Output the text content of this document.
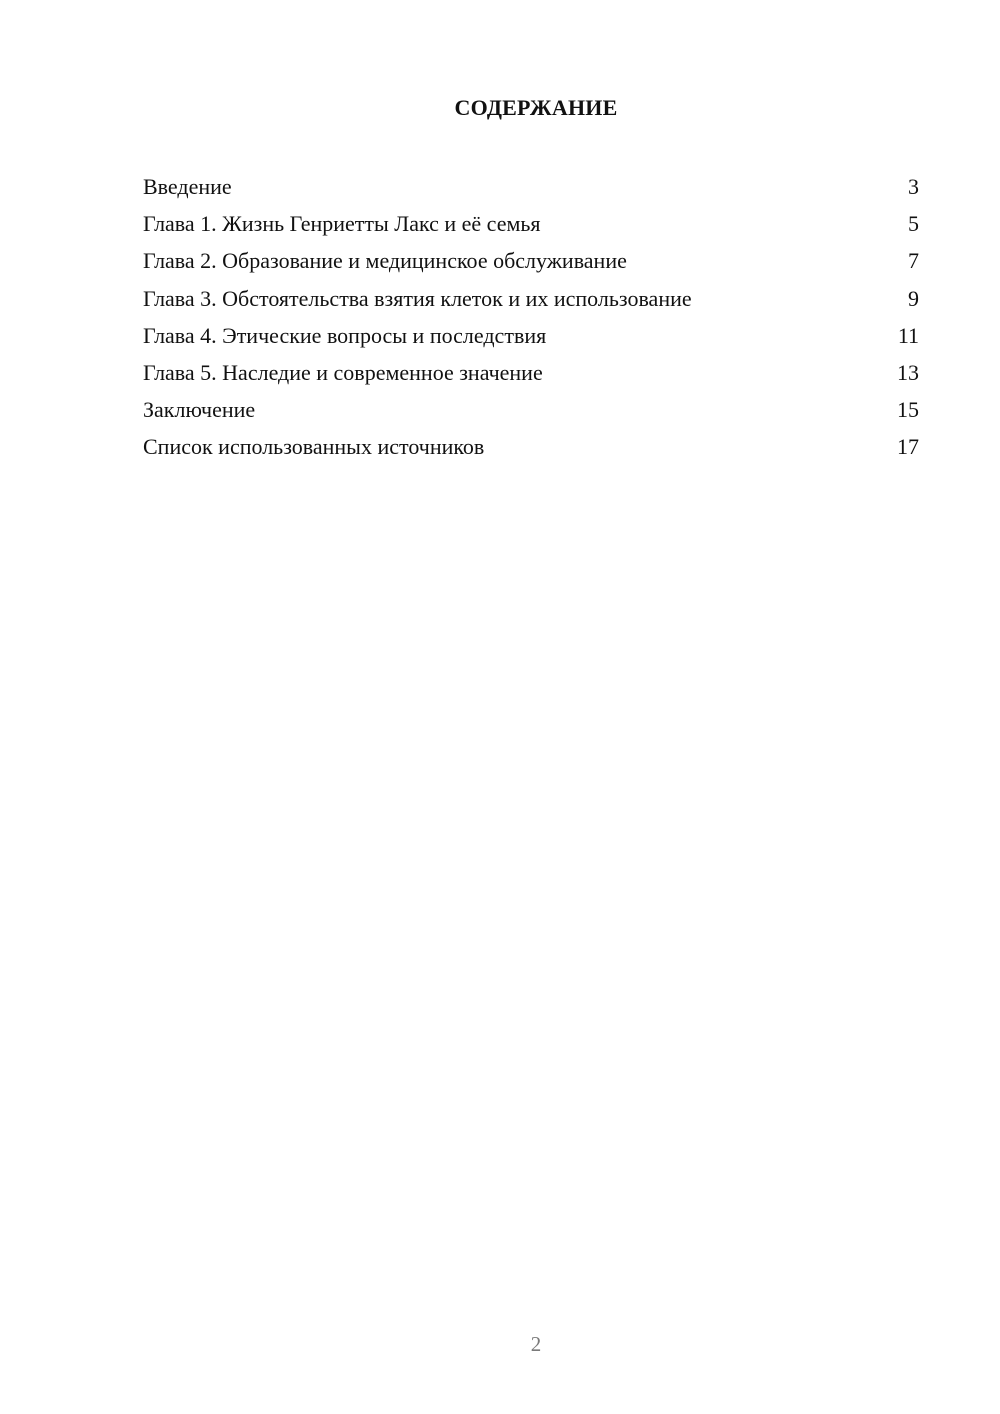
СОДЕРЖАНИЕ
Введение	3
Глава 1. Жизнь Генриетты Лакс и её семья	5
Глава 2. Образование и медицинское обслуживание	7
Глава 3. Обстоятельства взятия клеток и их использование	9
Глава 4. Этические вопросы и последствия	11
Глава 5. Наследие и современное значение	13
Заключение	15
Список использованных источников	17
2
